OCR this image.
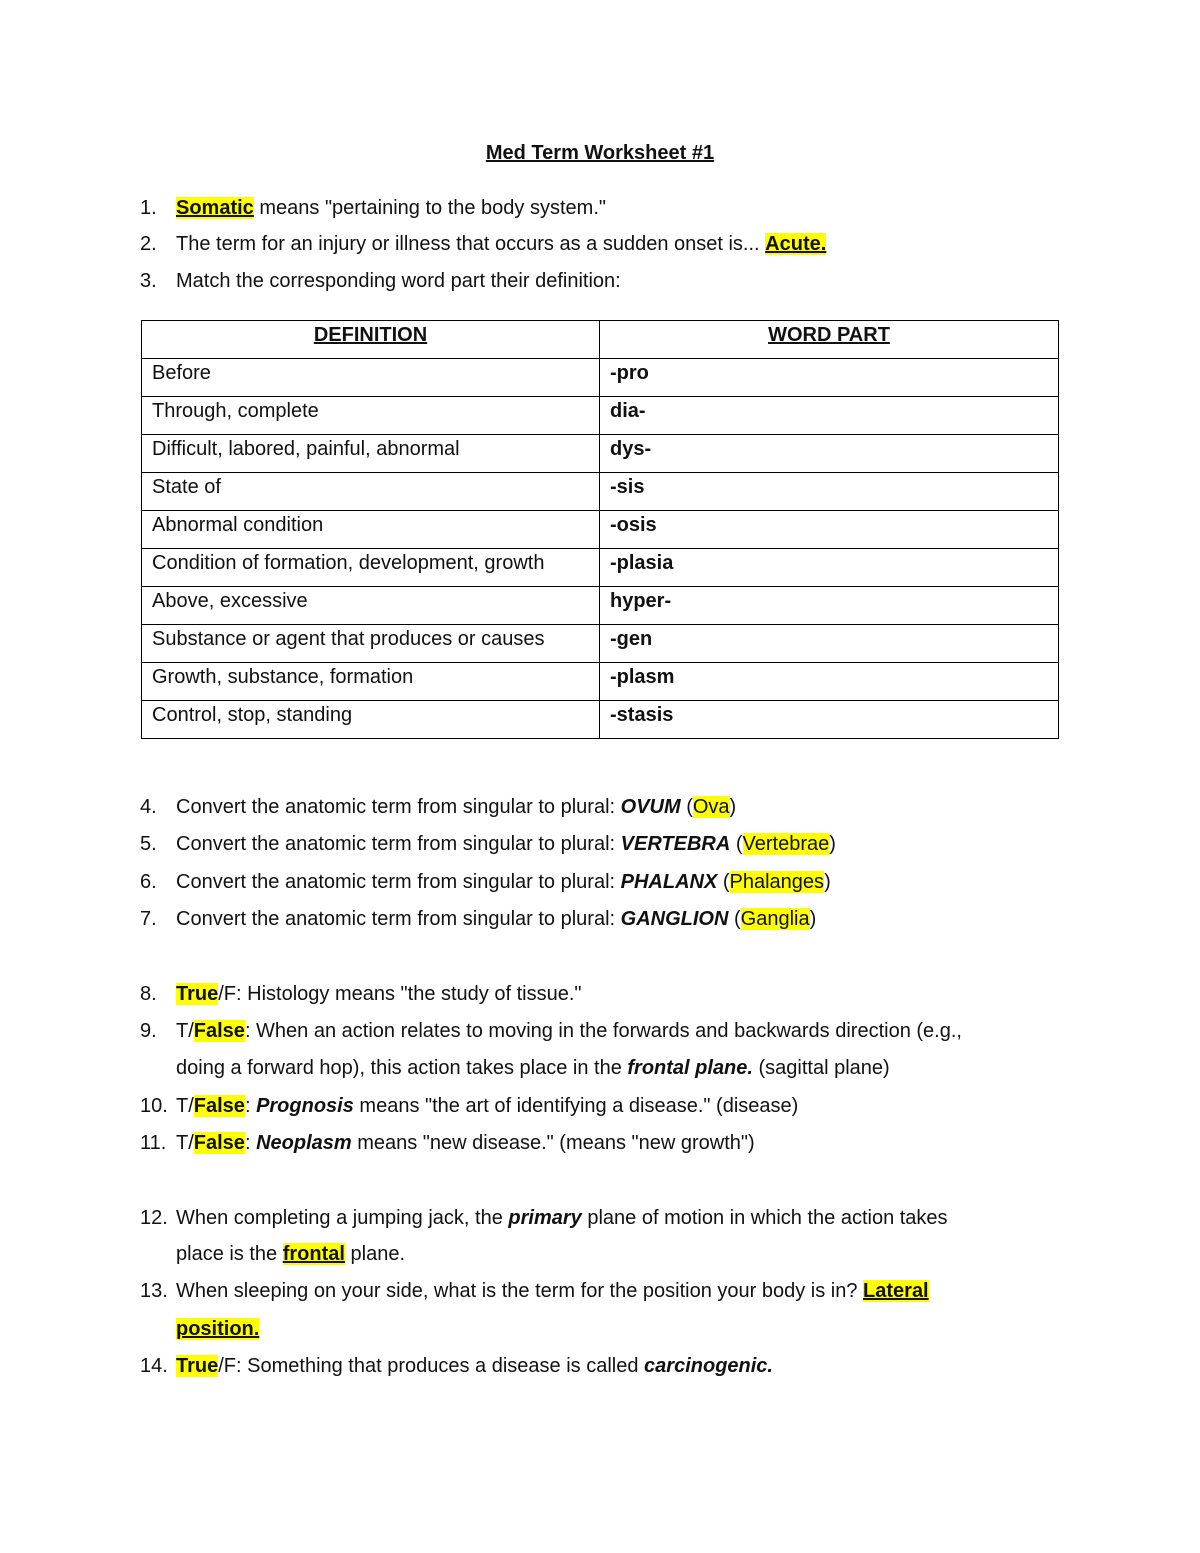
Med Term Worksheet #1
1. Somatic means "pertaining to the body system."
2. The term for an injury or illness that occurs as a sudden onset is... Acute.
3. Match the corresponding word part their definition:
DEFINITION	WORD PART
Before	-pro
Through, complete	dia-
Difficult, labored, painful, abnormal	dys-
State of	-sis
Abnormal condition	-osis
Condition of formation, development, growth	-plasia
Above, excessive	hyper-
Substance or agent that produces or causes	-gen
Growth, substance, formation	-plasm
Control, stop, standing	-stasis
4. Convert the anatomic term from singular to plural: OVUM (Ova)
5. Convert the anatomic term from singular to plural: VERTEBRA (Vertebrae)
6. Convert the anatomic term from singular to plural: PHALANX (Phalanges)
7. Convert the anatomic term from singular to plural: GANGLION (Ganglia)
8. True/F: Histology means "the study of tissue."
9. T/False: When an action relates to moving in the forwards and backwards direction (e.g.,
doing a forward hop), this action takes place in the frontal plane. (sagittal plane)
10. T/False: Prognosis means "the art of identifying a disease." (disease)
11. T/False: Neoplasm means "new disease." (means "new growth")
12. When completing a jumping jack, the primary plane of motion in which the action takes
place is the frontal plane.
13. When sleeping on your side, what is the term for the position your body is in? Lateral
position.
14. True/F: Something that produces a disease is called carcinogenic.
